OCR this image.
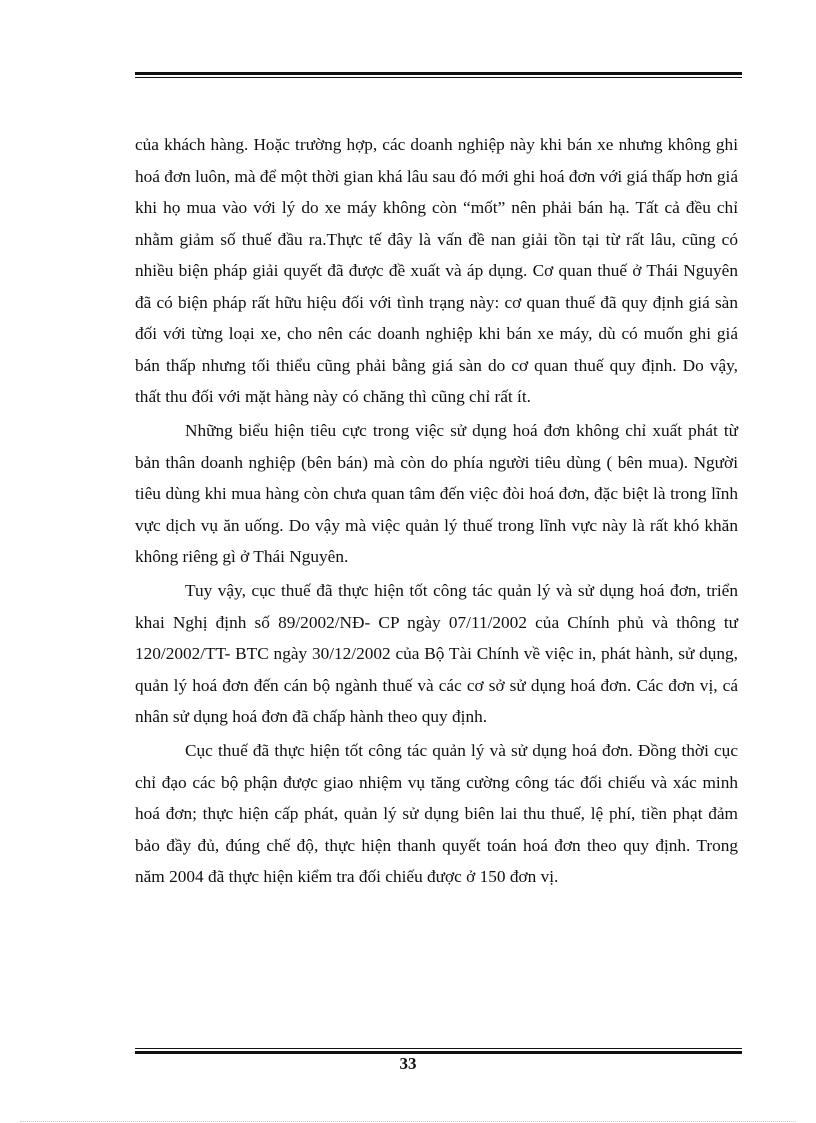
của khách hàng. Hoặc trường hợp, các doanh nghiệp này khi bán xe nhưng không ghi hoá đơn luôn, mà để một thời gian khá lâu sau đó mới ghi hoá đơn với giá thấp hơn giá khi họ mua vào với lý do xe máy không còn “mốt” nên phải bán hạ. Tất cả đều chỉ nhằm giảm số thuế đầu ra.Thực tế đây là vấn đề nan giải tồn tại từ rất lâu, cũng có nhiều biện pháp giải quyết đã được đề xuất và áp dụng. Cơ quan thuế ở Thái Nguyên đã có biện pháp rất hữu hiệu đối với tình trạng này: cơ quan thuế đã quy định giá sàn đối với từng loại xe, cho nên các doanh nghiệp khi bán xe máy, dù có muốn ghi giá bán thấp nhưng tối thiểu cũng phải bằng giá sàn do cơ quan thuế quy định. Do vậy, thất thu đối với mặt hàng này có chăng thì cũng chỉ rất ít.

Những biểu hiện tiêu cực trong việc sử dụng hoá đơn không chỉ xuất phát từ bản thân doanh nghiệp (bên bán) mà còn do phía người tiêu dùng ( bên mua). Người tiêu dùng khi mua hàng còn chưa quan tâm đến việc đòi hoá đơn, đặc biệt là trong lĩnh vực dịch vụ ăn uống. Do vậy mà việc quản lý thuế trong lĩnh vực này là rất khó khăn không riêng gì ở Thái Nguyên.

Tuy vậy, cục thuế đã thực hiện tốt công tác quản lý và sử dụng hoá đơn, triển khai Nghị định số 89/2002/NĐ- CP ngày 07/11/2002 của Chính phủ và thông tư 120/2002/TT- BTC ngày 30/12/2002 của Bộ Tài Chính về việc in, phát hành, sử dụng, quản lý hoá đơn đến cán bộ ngành thuế và các cơ sở sử dụng hoá đơn. Các đơn vị, cá nhân sử dụng hoá đơn đã chấp hành theo quy định.

Cục thuế đã thực hiện tốt công tác quản lý và sử dụng hoá đơn. Đồng thời cục chỉ đạo các bộ phận được giao nhiệm vụ tăng cường công tác đối chiếu và xác minh hoá đơn; thực hiện cấp phát, quản lý sử dụng biên lai thu thuế, lệ phí, tiền phạt đảm bảo đầy đủ, đúng chế độ, thực hiện thanh quyết toán hoá đơn theo quy định. Trong năm 2004 đã thực hiện kiểm tra đối chiếu được ở 150 đơn vị.

33
